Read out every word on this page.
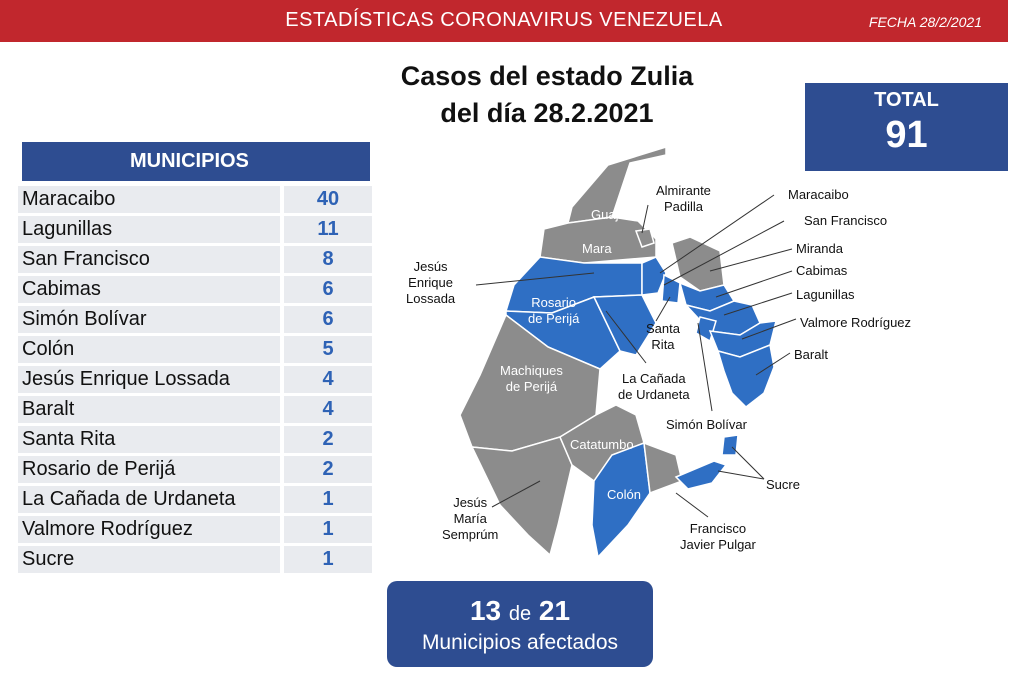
ESTADÍSTICAS CORONAVIRUS VENEZUELA	FECHA 28/2/2021
Casos del estado Zulia
del día 28.2.2021	TOTAL
91
MUNICIPIOS
Maracaibo	40
Lagunillas	11
San Francisco	8
Cabimas	6
Simón Bolívar	6
Colón	5
Jesús Enrique Lossada	4
Baralt	4
Santa Rita	2
Rosario de Perijá	2
La Cañada de Urdaneta	1
Valmore Rodríguez	1
Sucre	1
Guajira
Mara
Rosario
de Perijá
Machiques
de Perijá
Catatumbo
Colón
Almirante
Padilla
Maracaibo
San Francisco
Miranda
Cabimas
Lagunillas
Valmore Rodríguez
Baralt
Jesús
Enrique
Lossada
Santa
Rita
La Cañada
de Urdaneta
Simón Bolívar
Sucre
Jesús
María
Semprúm	Francisco
Javier Pulgar
13 de 21
Municipios afectados
